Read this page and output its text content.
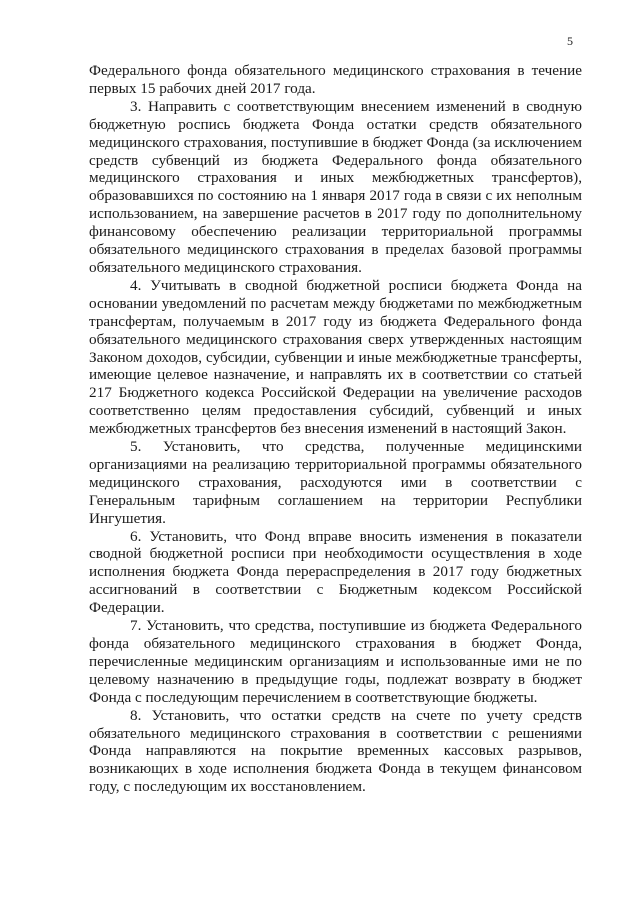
5

Федерального фонда обязательного медицинского страхования в течение первых 15 рабочих дней 2017 года.

3. Направить с соответствующим внесением изменений в сводную бюджетную роспись бюджета Фонда остатки средств обязательного медицинского страхования, поступившие в бюджет Фонда (за исключением средств субвенций из бюджета Федерального фонда обязательного медицинского страхования и иных межбюджетных трансфертов), образовавшихся по состоянию на 1 января 2017 года в связи с их неполным использованием, на завершение расчетов в 2017 году по дополнительному финансовому обеспечению реализации территориальной программы обязательного медицинского страхования в пределах базовой программы обязательного медицинского страхования.

4. Учитывать в сводной бюджетной росписи бюджета Фонда на основании уведомлений по расчетам между бюджетами по межбюджетным трансфертам, получаемым в 2017 году из бюджета Федерального фонда обязательного медицинского страхования сверх утвержденных настоящим Законом доходов, субсидии, субвенции и иные межбюджетные трансферты, имеющие целевое назначение, и направлять их в соответствии со статьей 217 Бюджетного кодекса Российской Федерации на увеличение расходов соответственно целям предоставления субсидий, субвенций и иных межбюджетных трансфертов без внесения изменений в настоящий Закон.

5. Установить, что средства, полученные медицинскими организациями на реализацию территориальной программы обязательного медицинского страхования, расходуются ими в соответствии с Генеральным тарифным соглашением на территории Республики Ингушетия.

6. Установить, что Фонд вправе вносить изменения в показатели сводной бюджетной росписи при необходимости осуществления в ходе исполнения бюджета Фонда перераспределения в 2017 году бюджетных ассигнований в соответствии с Бюджетным кодексом Российской Федерации.

7. Установить, что средства, поступившие из бюджета Федерального фонда обязательного медицинского страхования в бюджет Фонда, перечисленные медицинским организациям и использованные ими не по целевому назначению в предыдущие годы, подлежат возврату в бюджет Фонда с последующим перечислением в соответствующие бюджеты.

8. Установить, что остатки средств на счете по учету средств обязательного медицинского страхования в соответствии с решениями Фонда направляются на покрытие временных кассовых разрывов, возникающих в ходе исполнения бюджета Фонда в текущем финансовом году, с последующим их восстановлением.
